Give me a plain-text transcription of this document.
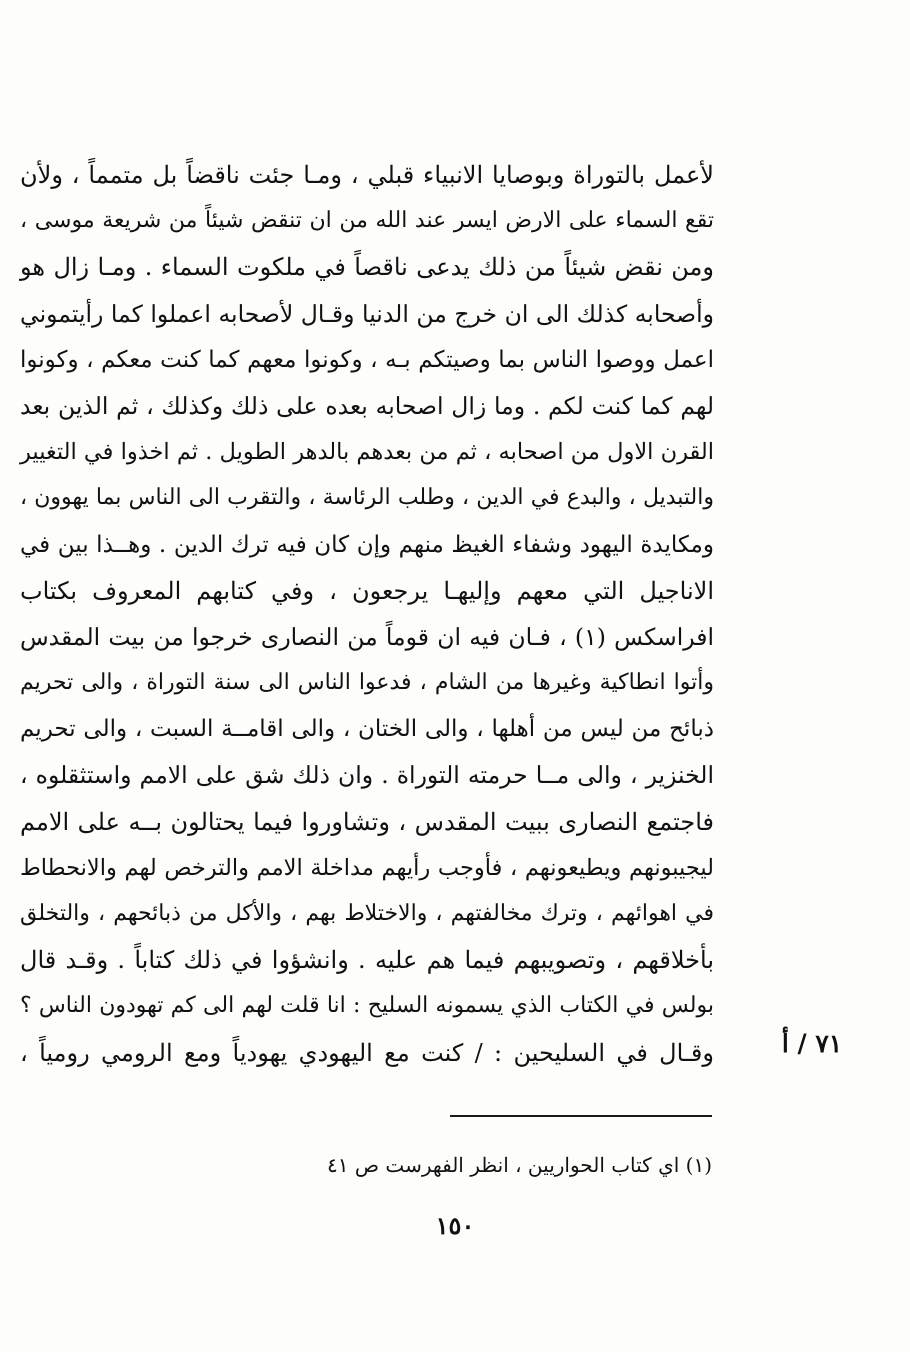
لأعمل بالتوراة وبوصايا الانبياء قبلي ، ومـا جئت ناقضاً بل متمماً ، ولأن
تقع السماء على الارض ايسر عند الله من ان تنقض شيئاً من شريعة موسى ،
ومن نقض شيئاً من ذلك يدعى ناقصاً في ملكوت السماء . ومـا زال هو
وأصحابه كذلك الى ان خرج من الدنيا وقـال لأصحابه اعملوا كما رأيتموني
اعمل ووصوا الناس بما وصيتكم بـه ، وكونوا معهم كما كنت معكم ، وكونوا
لهم كما كنت لكم . وما زال اصحابه بعده على ذلك وكذلك ، ثم الذين بعد
القرن الاول من اصحابه ، ثم من بعدهم بالدهر الطويل . ثم اخذوا في التغيير
والتبديل ، والبدع في الدين ، وطلب الرئاسة ، والتقرب الى الناس بما يهوون ،
ومكايدة اليهود وشفاء الغيظ منهم وإن كان فيه ترك الدين . وهــذا بين في
الاناجيل التي معهم وإليهـا يرجعون ، وفي كتابهم المعروف بكتاب
افراسكس (١) ، فـان فيه ان قوماً من النصارى خرجوا من بيت المقدس
وأتوا انطاكية وغيرها من الشام ، فدعوا الناس الى سنة التوراة ، والى تحريم
ذبائح من ليس من أهلها ، والى الختان ، والى اقامــة السبت ، والى تحريم
الخنزير ، والى مــا حرمته التوراة . وان ذلك شق على الامم واستثقلوه ،
فاجتمع النصارى ببيت المقدس ، وتشاوروا فيما يحتالون بــه على الامم
ليجيبونهم ويطيعونهم ، فأوجب رأيهم مداخلة الامم والترخص لهم والانحطاط
في اهوائهم ، وترك مخالفتهم ، والاختلاط بهم ، والأكل من ذبائحهم ، والتخلق
بأخلاقهم ، وتصويبهم فيما هم عليه . وانشؤوا في ذلك كتاباً . وقـد قال
بولس في الكتاب الذي يسمونه السليح : انا قلت لهم الى كم تهودون الناس ؟
وقـال في السليحين : / كنت مع اليهودي يهودياً ومع الرومي رومياً ،	٧١ / أ
(١) اي كتاب الحواريين ، انظر الفهرست ص ٤١
١٥٠
